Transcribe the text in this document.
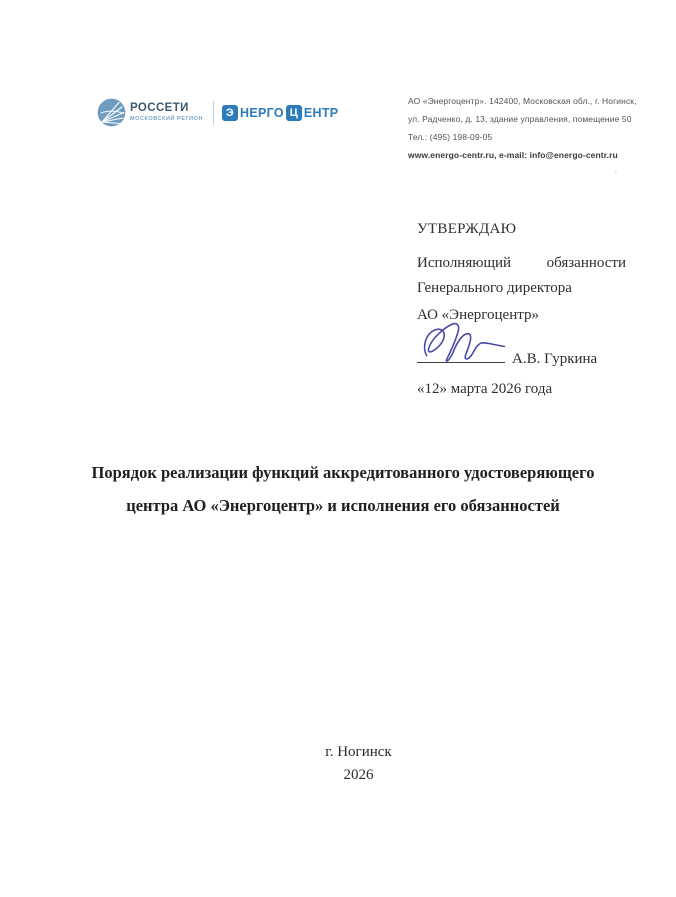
РОССЕТИ
МОСКОВСКИЙ РЕГИОН	Э НЕРГО Ц ЕНТР
АО «Энергоцентр». 142400, Московская обл., г. Ногинск,
ул. Радченко, д. 13, здание управления, помещение 50
Тел.: (495) 198-09-05
www.energo-centr.ru, e-mail: info@energo-centr.ru
'

УТВЕРЖДАЮ

Исполняющий обязанности
Генерального директора
АО «Энергоцентр»
А.В. Гуркина
«12» марта 2026 года
Порядок реализации функций аккредитованного удостоверяющего
центра АО «Энергоцентр» и исполнения его обязанностей
г. Ногинск
2026
